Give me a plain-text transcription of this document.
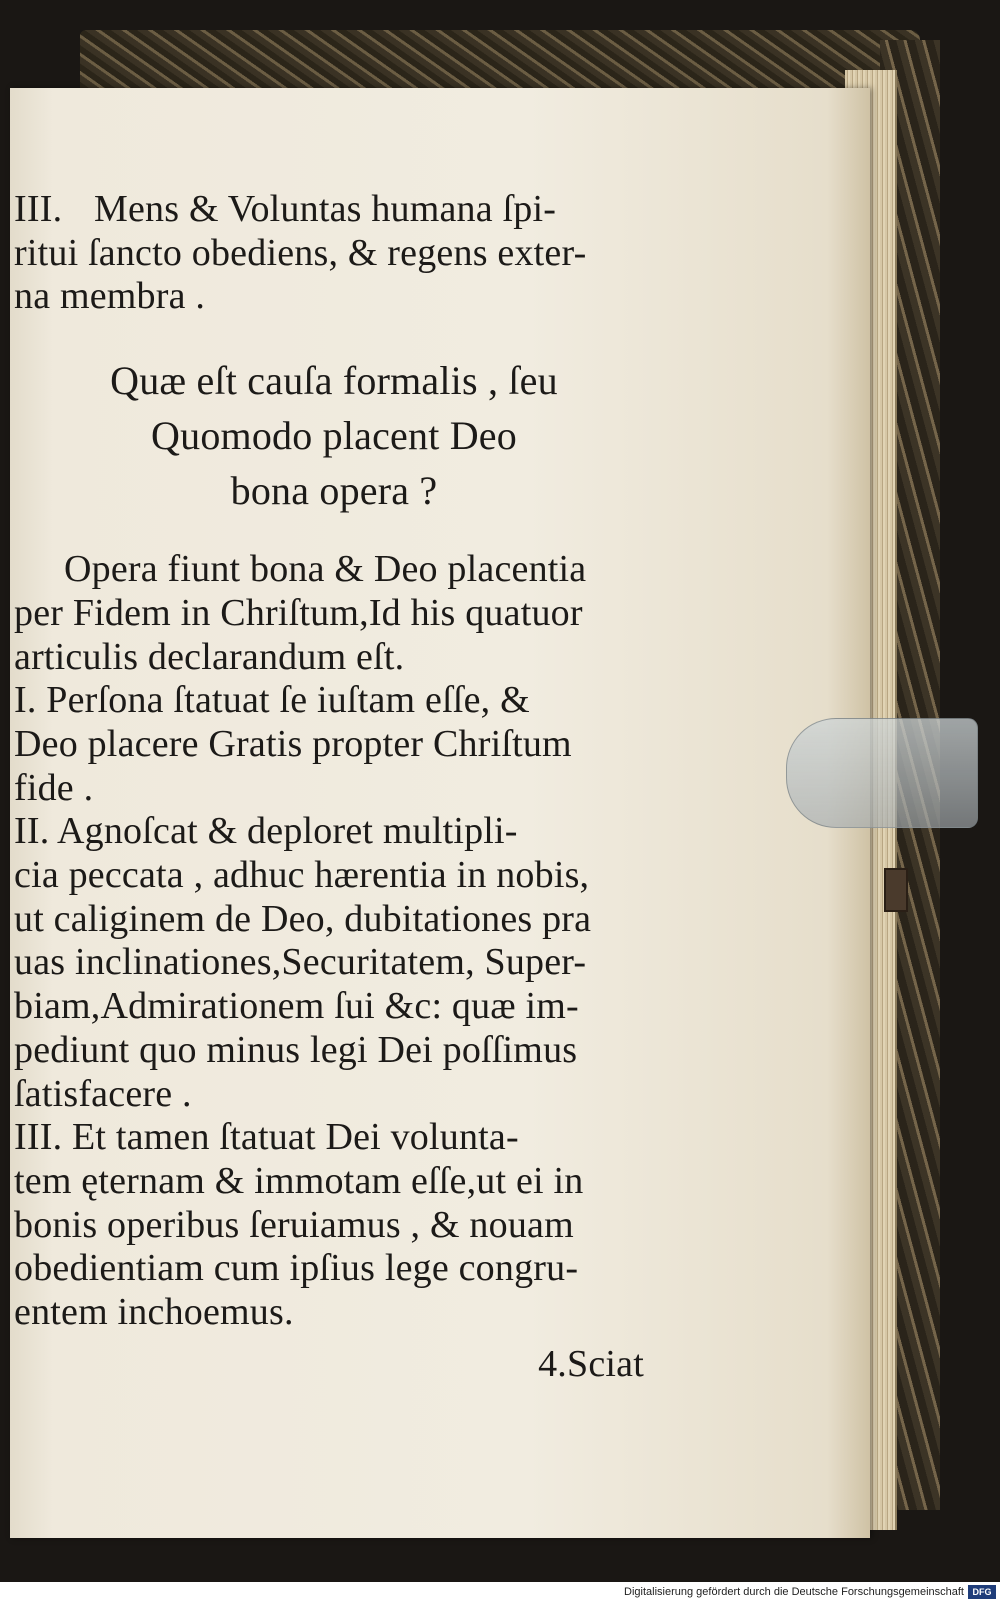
III. Mens & Voluntas humana ſpi-
ritui ſancto obediens, & regens exter-
na membra .
Quæ eſt cauſa formalis , ſeu
Quomodo placent Deo
bona opera ?
Opera fiunt bona & Deo placentia
per Fidem in Chriſtum,Id his quatuor
articulis declarandum eſt.
I. Perſona ſtatuat ſe iuſtam eſſe, &
Deo placere Gratis propter Chriſtum
fide .
II. Agnoſcat & deploret multipli-
cia peccata , adhuc hærentia in nobis,
ut caliginem de Deo, dubitationes pra
uas inclinationes,Securitatem, Super-
biam,Admirationem ſui &c: quæ im-
pediunt quo minus legi Dei poſſimus
ſatisfacere .
III. Et tamen ſtatuat Dei volunta-
tem ęternam & immotam eſſe,ut ei in
bonis operibus ſeruiamus , & nouam
obedientiam cum ipſius lege congru-
entem inchoemus.
4.Sciat
Digitalisierung gefördert durch die Deutsche Forschungsgemeinschaft DFG
